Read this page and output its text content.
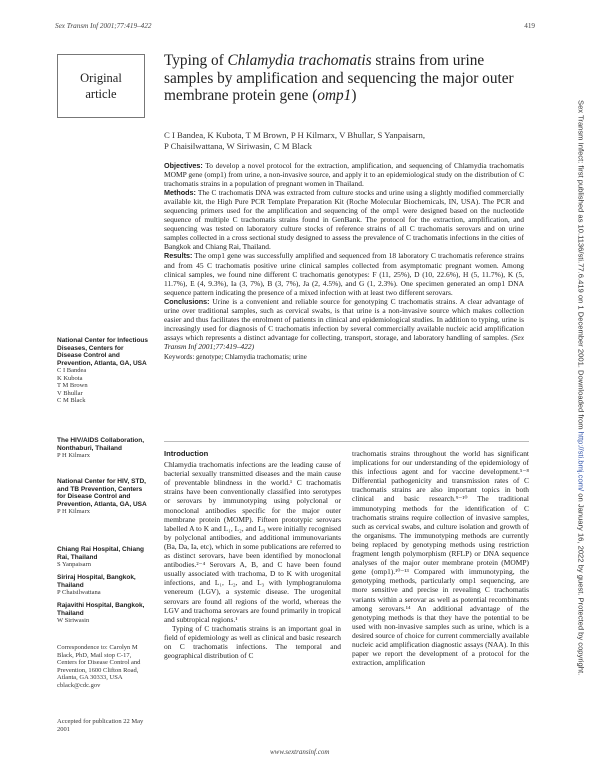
Sex Transm Inf 2001;77:419–422	419
Original
article
Typing of Chlamydia trachomatis strains from urine samples by amplification and sequencing the major outer membrane protein gene (omp1)
C I Bandea, K Kubota, T M Brown, P H Kilmarx, V Bhullar, S Yanpaisarn,
P Chaisilwattana, W Siriwasin, C M Black

Objectives: To develop a novel protocol for the extraction, amplification, and sequencing of Chlamydia trachomatis MOMP gene (omp1) from urine, a non-invasive source, and apply it to an epidemiological study on the distribution of C trachomatis strains in a population of pregnant women in Thailand.

Methods: The C trachomatis DNA was extracted from culture stocks and urine using a slightly modified commercially available kit, the High Pure PCR Template Preparation Kit (Roche Molecular Biochemicals, IN, USA). The PCR and sequencing primers used for the amplification and sequencing of the omp1 were designed based on the nucleotide sequence of multiple C trachomatis strains found in GenBank. The protocol for the extraction, amplification, and sequencing was tested on laboratory culture stocks of reference strains of all C trachomatis serovars and on urine samples collected in a cross sectional study designed to assess the prevalence of C trachomatis infections in the cities of Bangkok and Chiang Rai, Thailand.

Results: The omp1 gene was successfully amplified and sequenced from 18 laboratory C trachomatis reference strains and from 45 C trachomatis positive urine clinical samples collected from asymptomatic pregnant women. Among clinical samples, we found nine different C trachomatis genotypes: F (11, 25%), D (10, 22.6%), H (5, 11.7%), K (5, 11.7%), E (4, 9.3%), Ia (3, 7%), B (3, 7%), Ja (2, 4.5%), and G (1, 2.3%). One specimen generated an omp1 DNA sequence pattern indicating the presence of a mixed infection with at least two different serovars.

Conclusions: Urine is a convenient and reliable source for genotyping C trachomatis strains. A clear advantage of urine over traditional samples, such as cervical swabs, is that urine is a non-invasive source which makes collection easier and thus facilitates the enrolment of patients in clinical and epidemiological studies. In addition to typing, urine is increasingly used for diagnosis of C trachomatis infection by several commercially available nucleic acid amplification assays which represents a distinct advantage for collecting, transport, storage, and laboratory handling of samples. (Sex Transm Inf 2001;77:419–422)

Keywords: genotype; Chlamydia trachomatis; urine

National Center for Infectious Diseases, Centers for Disease Control and Prevention, Atlanta, GA, USA
C I Bandea
K Kubota
T M Brown
V Bhullar
C M Black
The HIV/AIDS Collaboration, Nonthaburi, Thailand
P H Kilmarx
National Center for HIV, STD, and TB Prevention, Centers for Disease Control and Prevention, Atlanta, GA, USA
P H Kilmarx
Chiang Rai Hospital, Chiang Rai, Thailand
S Yanpaisarn
Siriraj Hospital, Bangkok, Thailand
P Chaisilwattana
Rajavithi Hospital, Bangkok, Thailand
W Siriwasin
Correspondence to: Carolyn M Black, PhD, Mail stop C-17, Centers for Disease Control and Prevention, 1600 Clifton Road, Atlanta, GA 30333, USA cblack@cdc.gov
Accepted for publication 22 May 2001

Introduction

Chlamydia trachomatis infections are the leading cause of bacterial sexually transmitted diseases and the main cause of preventable blindness in the world.¹ C trachomatis strains have been conventionally classified into serotypes or serovars by immunotyping using polyclonal or monoclonal antibodies specific for the major outer membrane protein (MOMP). Fifteen prototypic serovars labelled A to K and L₁, L₂, and L₃ were initially recognised by polyclonal antibodies, and additional immunovariants (Ba, Da, Ia, etc), which in some publications are referred to as distinct serovars, have been identified by monoclonal antibodies.²⁻⁴ Serovars A, B, and C have been found usually associated with trachoma, D to K with urogenital infections, and L₁, L₂, and L₃ with lymphogranuloma venereum (LGV), a systemic disease. The urogenital serovars are found all regions of the world, whereas the LGV and trachoma serovars are found primarily in tropical and subtropical regions.¹

Typing of C trachomatis strains is an important goal in field of epidemiology as well as clinical and basic research on C trachomatis infections. The temporal and geographical distribution of C

trachomatis strains throughout the world has significant implications for our understanding of the epidemiology of this infectious agent and for vaccine development.⁵⁻⁸ Differential pathogenicity and transmission rates of C trachomatis strains are also important topics in both clinical and basic research.⁹⁻¹⁰ The traditional immunotyping methods for the identification of C trachomatis strains require collection of invasive samples, such as cervical swabs, and culture isolation and growth of the organisms. The immunotyping methods are currently being replaced by genotyping methods using restriction fragment length polymorphism (RFLP) or DNA sequence analyses of the major outer membrane protein (MOMP) gene (omp1).¹⁰⁻¹³ Compared with immunotyping, the genotyping methods, particularly omp1 sequencing, are more sensitive and precise in revealing C trachomatis variants within a serovar as well as potential recombinants among serovars.¹⁴ An additional advantage of the genotyping methods is that they have the potential to be used with non-invasive samples such as urine, which is a desired source of choice for current commercially available nucleic acid amplification diagnostic assays (NAA). In this paper we report the development of a protocol for the extraction, amplification

www.sextransinf.com
Sex Transm Infect: first published as 10.1136/sti.77.6.419 on 1 December 2001. Downloaded from http://sti.bmj.com/ on January 16, 2022 by guest. Protected by copyright.
